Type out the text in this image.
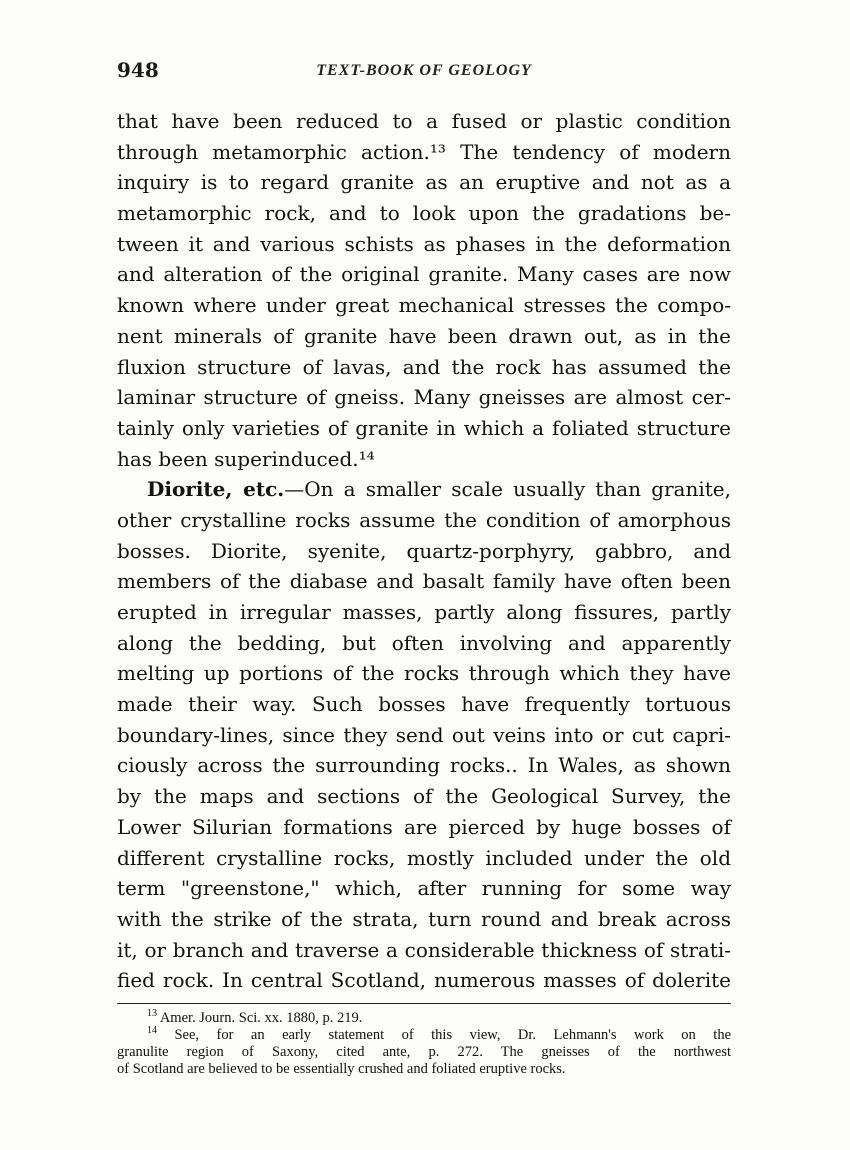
948	TEXT-BOOK OF GEOLOGY
that have been reduced to a fused or plastic condition
through metamorphic action.¹³ The tendency of modern
inquiry is to regard granite as an eruptive and not as a
metamorphic rock, and to look upon the gradations be-
tween it and various schists as phases in the deformation
and alteration of the original granite. Many cases are now
known where under great mechanical stresses the compo-
nent minerals of granite have been drawn out, as in the
fluxion structure of lavas, and the rock has assumed the
laminar structure of gneiss. Many gneisses are almost cer-
tainly only varieties of granite in which a foliated structure
has been superinduced.¹⁴
Diorite, etc.—On a smaller scale usually than granite,
other crystalline rocks assume the condition of amorphous
bosses. Diorite, syenite, quartz-porphyry, gabbro, and
members of the diabase and basalt family have often been
erupted in irregular masses, partly along fissures, partly
along the bedding, but often involving and apparently
melting up portions of the rocks through which they have
made their way. Such bosses have frequently tortuous
boundary-lines, since they send out veins into or cut capri-
ciously across the surrounding rocks.. In Wales, as shown
by the maps and sections of the Geological Survey, the
Lower Silurian formations are pierced by huge bosses of
different crystalline rocks, mostly included under the old
term "greenstone," which, after running for some way
with the strike of the strata, turn round and break across
it, or branch and traverse a considerable thickness of strati-
fied rock. In central Scotland, numerous masses of dolerite
$^{13}$ Amer. Journ. Sci. xx. 1880, p. 219.
$^{14}$ See, for an early statement of this view, Dr. Lehmann's work on the
granulite region of Saxony, cited ante, p. 272. The gneisses of the northwest
of Scotland are believed to be essentially crushed and foliated eruptive rocks.
